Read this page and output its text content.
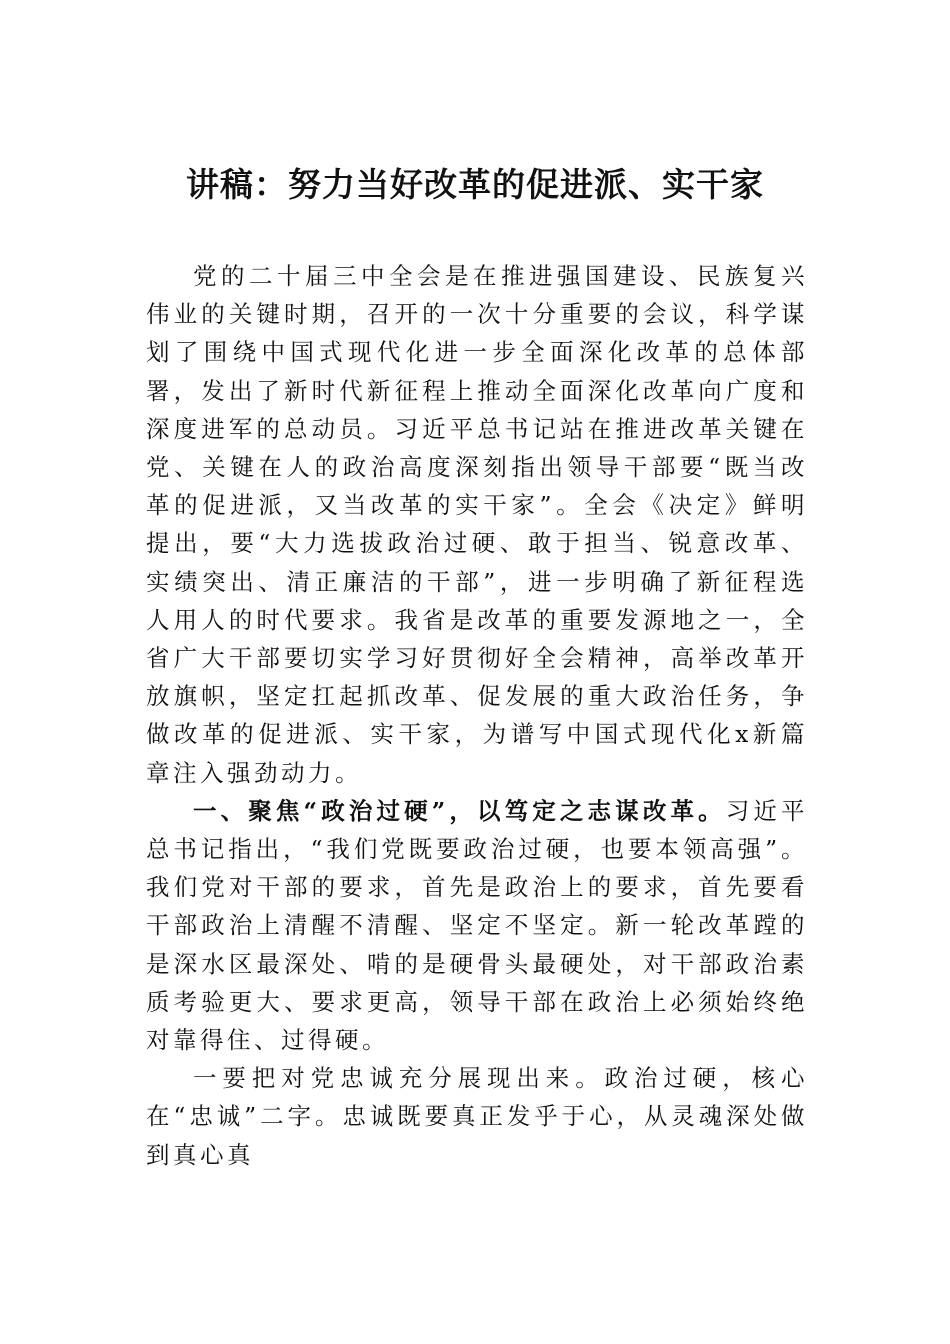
讲稿：努力当好改革的促进派、实干家

党的二十届三中全会是在推进强国建设、民族复兴伟业的关键时期，召开的一次十分重要的会议，科学谋划了围绕中国式现代化进一步全面深化改革的总体部署，发出了新时代新征程上推动全面深化改革向广度和深度进军的总动员。习近平总书记站在推进改革关键在党、关键在人的政治高度深刻指出领导干部要“既当改革的促进派，又当改革的实干家”。全会《决定》鲜明提出，要“大力选拔政治过硬、敢于担当、锐意改革、实绩突出、清正廉洁的干部”，进一步明确了新征程选人用人的时代要求。我省是改革的重要发源地之一，全省广大干部要切实学习好贯彻好全会精神，高举改革开放旗帜，坚定扛起抓改革、促发展的重大政治任务，争做改革的促进派、实干家，为谱写中国式现代化x新篇章注入强劲动力。

一、聚焦“政治过硬”，以笃定之志谋改革。习近平总书记指出，“我们党既要政治过硬，也要本领高强”。我们党对干部的要求，首先是政治上的要求，首先要看干部政治上清醒不清醒、坚定不坚定。新一轮改革蹚的是深水区最深处、啃的是硬骨头最硬处，对干部政治素质考验更大、要求更高，领导干部在政治上必须始终绝对靠得住、过得硬。

一要把对党忠诚充分展现出来。政治过硬，核心在“忠诚”二字。忠诚既要真正发乎于心，从灵魂深处做到真心真
